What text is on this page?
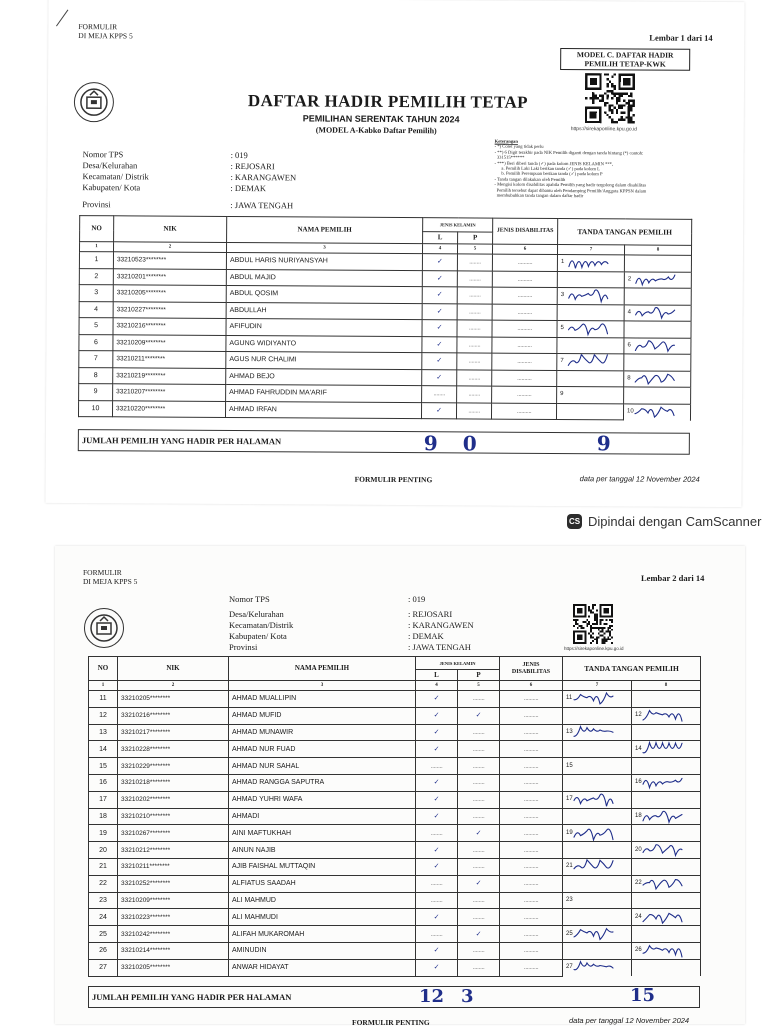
FORMULIR
DI MEJA KPPS 5	Lembar 1 dari 14
MODEL C. DAFTAR HADIR
PEMILIH TETAP-KWK
DAFTAR HADIR PEMILIH TETAP
PEMILIHAN SERENTAK TAHUN 2024
(MODEL A-Kabko Daftar Pemilih)	https://sirekaponline.kpu.go.id
Nomor TPS	: 019
Desa/Kelurahan	: REJOSARI
Kecamatan/ Distrik	: KARANGAWEN
Kabupaten/ Kota	: DEMAK
Provinsi	: JAWA TENGAH
Keterangan
- *) Coret yang tidak perlu
- **) 6 Digit terakhir pada NIK Pemilih diganti dengan tanda bintang (*) contoh:
331515******
- ***) Beri diberi tanda (✓) pada kolom JENIS KELAMIN ***,
a. Pemilih Laki Laki berikan tanda (✓) pada kolom L
b. Pemilih Perempuan berikan tanda (✓) pada kolom P
- Tanda tangan dilakukan oleh Pemilih
- Mengisi kolom disabilitas apabila Pemilih yang hadir tergolong dalam disabilitas
Pemilih tersebut dapat dibantu oleh Pendamping Pemilih/Anggota KPPSN dalam
membubuhkan tanda tangan dalam daftar hadir
NO	NIK	NAMA PEMILIH	JENIS KELAMIN		JENIS DISABILITAS	TANDA TANGAN PEMILIH	
			L	P			
1	2	3	4	5	6	7	8
1	33210523********	ABDUL HARIS NURIYANSYAH	✓	........	..........	1

2	33210201********	ABDUL MAJID	✓	........	..........		2

3	33210205********	ABDUL QOSIM	✓	........	..........	3

4	33210227********	ABDULLAH	✓	........	..........		4

5	33210216********	AFIFUDIN	✓	........	..........	5

6	33210209********	AGUNG WIDIYANTO	✓	........	..........		6

7	33210211********	AGUS NUR CHALIMI	✓	........	..........	7

8	33210219********	AHMAD BEJO	✓	........	..........		8

9	33210207********	AHMAD FAHRUDDIN MA'ARIF	........	........	..........	9	
10	33210220********	AHMAD IRFAN	✓	........	..........		10
JUMLAH PEMILIH YANG HADIR PER HALAMAN	9 0	9
FORMULIR PENTING	data per tanggal 12 November 2024
CS Dipindai dengan CamScanner
FORMULIR
DI MEJA KPPS 5	Lembar 2 dari 14
Nomor TPS	: 019
Desa/Kelurahan	: REJOSARI
Kecamatan/Distrik	: KARANGAWEN
Kabupaten/ Kota	: DEMAK
Provinsi	: JAWA TENGAH	https://sirekaponline.kpu.go.id
NO	NIK	NAMA PEMILIH	JENIS KELAMIN		JENIS DISABILITAS	TANDA TANGAN PEMILIH	
			L	P			
1	2	3	4	5	6	7	8
11	33210205********	AHMAD MUALLIPIN	✓	........	..........	11

12	33210216********	AHMAD MUFID	✓	✓	..........		12

13	33210217********	AHMAD MUNAWIR	✓	........	..........	13

14	33210228********	AHMAD NUR FUAD	✓	........	..........		14

15	33210229********	AHMAD NUR SAHAL	........	........	..........	15	
16	33210218********	AHMAD RANGGA SAPUTRA	✓	........	..........		16

17	33210202********	AHMAD YUHRI WAFA	✓	........	..........	17

18	33210210********	AHMADI	✓	........	..........		18

19	33210267********	AINI MAFTUKHAH	........	✓	..........	19

20	33210212********	AINUN NAJIB	✓	........	..........		20

21	33210211********	AJIB FAISHAL MUTTAQIN	✓	........	..........	21

22	33210252********	ALFIATUS SAADAH	........	✓	..........		22

23	33210209********	ALI MAHMUD	........	........	..........	23	
24	33210223********	ALI MAHMUDI	✓	........	..........		24

25	33210242********	ALIFAH MUKAROMAH	........	✓	..........	25

26	33210214********	AMINUDIN	✓	........	..........		26

27	33210205********	ANWAR HIDAYAT	✓	........	..........	27

JUMLAH PEMILIH YANG HADIR PER HALAMAN	12 3	15
FORMULIR PENTING	data per tanggal 12 November 2024
